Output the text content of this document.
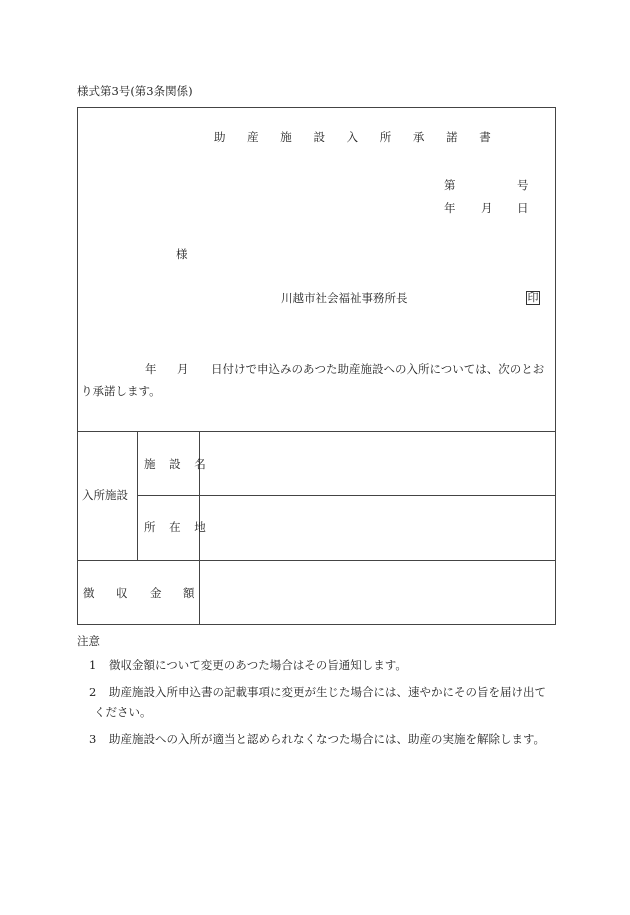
様式第3号(第3条関係)
助 産 施 設 入 所 承 諾 書
第	号
年 月 日
様
川越市社会福祉事務所長	印
年 月 日付けで申込みのあつた助産施設への入所については、次のとお
り承諾します。
入所施設
施 設 名
所 在 地
徴 収 金 額
注意
1 徴収金額について変更のあつた場合はその旨通知します。
2 助産施設入所申込書の記載事項に変更が生じた場合には、速やかにその旨を届け出て
ください。
3 助産施設への入所が適当と認められなくなつた場合には、助産の実施を解除します。
